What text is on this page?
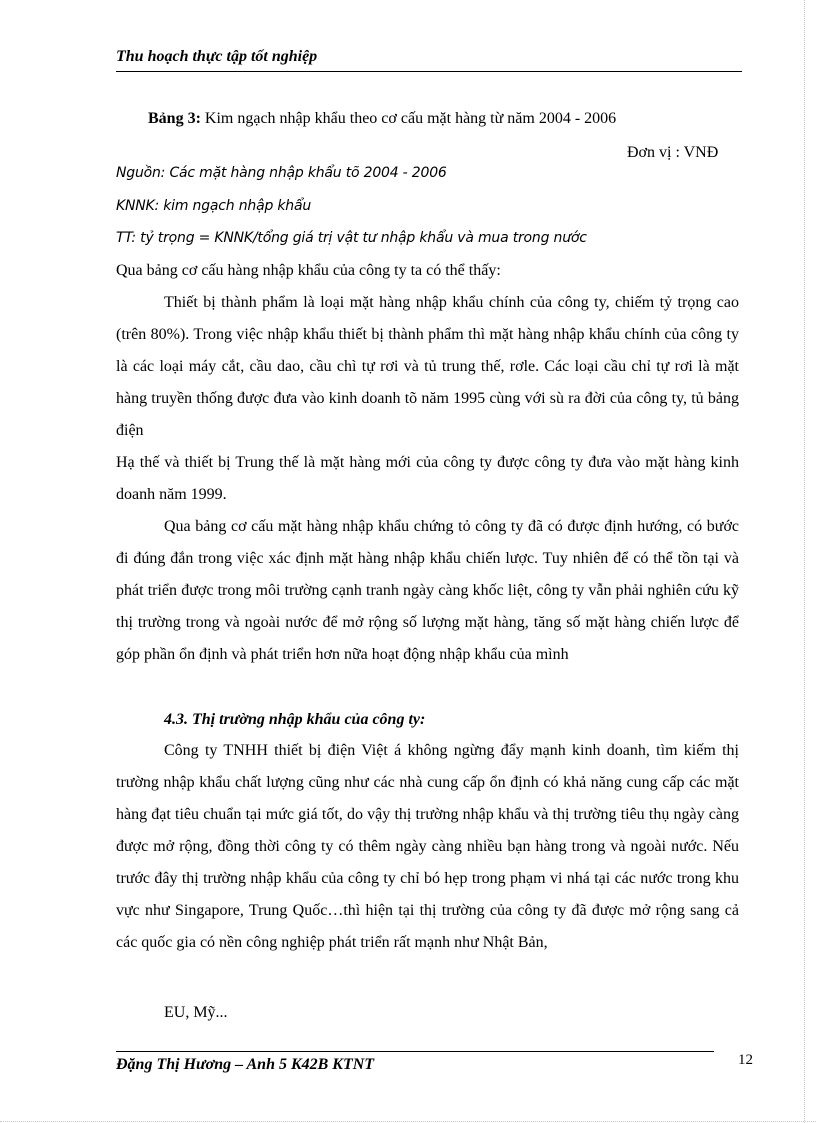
Thu hoạch thực tập tốt nghiệp
Bảng 3: Kim ngạch nhập khẩu theo cơ cấu mặt hàng từ năm 2004 - 2006
Đơn vị : VNĐ
Nguồn: Các mặt hàng nhập khẩu tõ 2004 - 2006
KNNK: kim ngạch nhập khẩu
TT: tỷ trọng = KNNK/tổng giá trị vật tư nhập khẩu và mua trong nước
Qua bảng cơ cấu hàng nhập khẩu của công ty ta có thể thấy:
Thiết bị thành phẩm là loại mặt hàng nhập khẩu chính của công ty, chiếm tỷ trọng cao (trên 80%). Trong việc nhập khẩu thiết bị thành phẩm thì mặt hàng nhập khẩu chính của công ty là các loại máy cắt, cầu dao, cầu chì tự rơi và tủ trung thế, rơle. Các loại cầu chỉ tự rơi là mặt hàng truyền thống được đưa vào kinh doanh tõ năm 1995 cùng với sù ra đời của công ty, tủ bảng điện
Hạ thế và thiết bị Trung thế là mặt hàng mới của công ty được công ty đưa vào mặt hàng kinh doanh năm 1999.
Qua bảng cơ cấu mặt hàng nhập khẩu chứng tỏ công ty đã có được định hướng, có bước đi đúng đắn trong việc xác định mặt hàng nhập khẩu chiến lược. Tuy nhiên để có thể tồn tại và phát triển được trong môi trường cạnh tranh ngày càng khốc liệt, công ty vẫn phải nghiên cứu kỹ thị trường trong và ngoài nước để mở rộng số lượng mặt hàng, tăng số mặt hàng chiến lược để góp phần ổn định và phát triển hơn nữa hoạt động nhập khẩu của mình
4.3. Thị trường nhập khẩu của công ty:
Công ty TNHH thiết bị điện Việt á không ngừng đẩy mạnh kinh doanh, tìm kiếm thị trường nhập khẩu chất lượng cũng như các nhà cung cấp ổn định có khả năng cung cấp các mặt hàng đạt tiêu chuẩn tại mức giá tốt, do vậy thị trường nhập khẩu và thị trường tiêu thụ ngày càng được mở rộng, đồng thời công ty có thêm ngày càng nhiều bạn hàng trong và ngoài nước. Nếu trước đây thị trường nhập khẩu của công ty chỉ bó hẹp trong phạm vi nhá tại các nước trong khu vực như Singapore, Trung Quốc…thì hiện tại thị trường của công ty đã được mở rộng sang cả các quốc gia có nền công nghiệp phát triển rất mạnh như Nhật Bản,
EU, Mỹ...
Đặng Thị Hương – Anh 5 K42B KTNT	12
